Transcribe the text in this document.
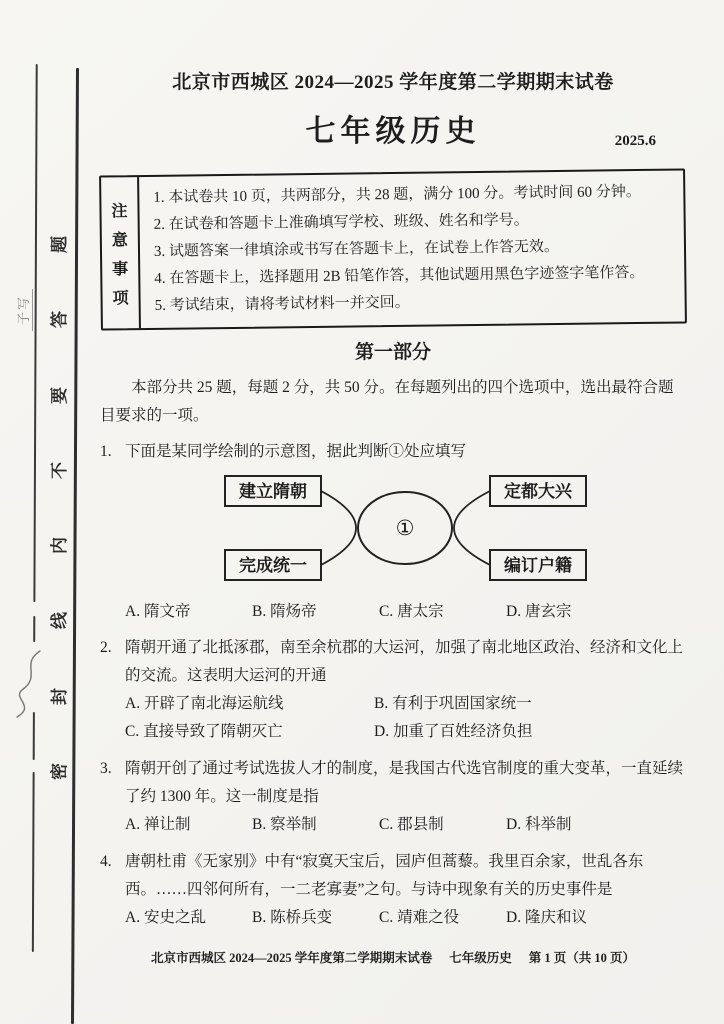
题
答
要
不
内
线
封
密
子写
北京市西城区 2024—2025 学年度第二学期期末试卷
七年级历史	2025.6
注
意
事
项
1. 本试卷共 10 页，共两部分，共 28 题，满分 100 分。考试时间 60 分钟。
2. 在试卷和答题卡上准确填写学校、班级、姓名和学号。
3. 试题答案一律填涂或书写在答题卡上，在试卷上作答无效。
4. 在答题卡上，选择题用 2B 铅笔作答，其他试题用黑色字迹签字笔作答。
5. 考试结束，请将考试材料一并交回。
第一部分
本部分共 25 题，每题 2 分，共 50 分。在每题列出的四个选项中，选出最符合题目要求的一项。
1. 下面是某同学绘制的示意图，据此判断①处应填写
建立隋朝
完成统一
①
定都大兴
编订户籍
A. 隋文帝	B. 隋炀帝	C. 唐太宗	D. 唐玄宗
2. 隋朝开通了北抵涿郡，南至余杭郡的大运河，加强了南北地区政治、经济和文化上的交流。这表明大运河的开通
A. 开辟了南北海运航线	B. 有利于巩固国家统一
C. 直接导致了隋朝灭亡	D. 加重了百姓经济负担
3. 隋朝开创了通过考试选拔人才的制度，是我国古代选官制度的重大变革，一直延续了约 1300 年。这一制度是指
A. 禅让制	B. 察举制	C. 郡县制	D. 科举制
4. 唐朝杜甫《无家别》中有“寂寞天宝后，园庐但蒿藜。我里百余家，世乱各东西。……四邻何所有，一二老寡妻”之句。与诗中现象有关的历史事件是
A. 安史之乱	B. 陈桥兵变	C. 靖难之役	D. 隆庆和议
北京市西城区 2024—2025 学年度第二学期期末试卷 七年级历史 第 1 页（共 10 页）
